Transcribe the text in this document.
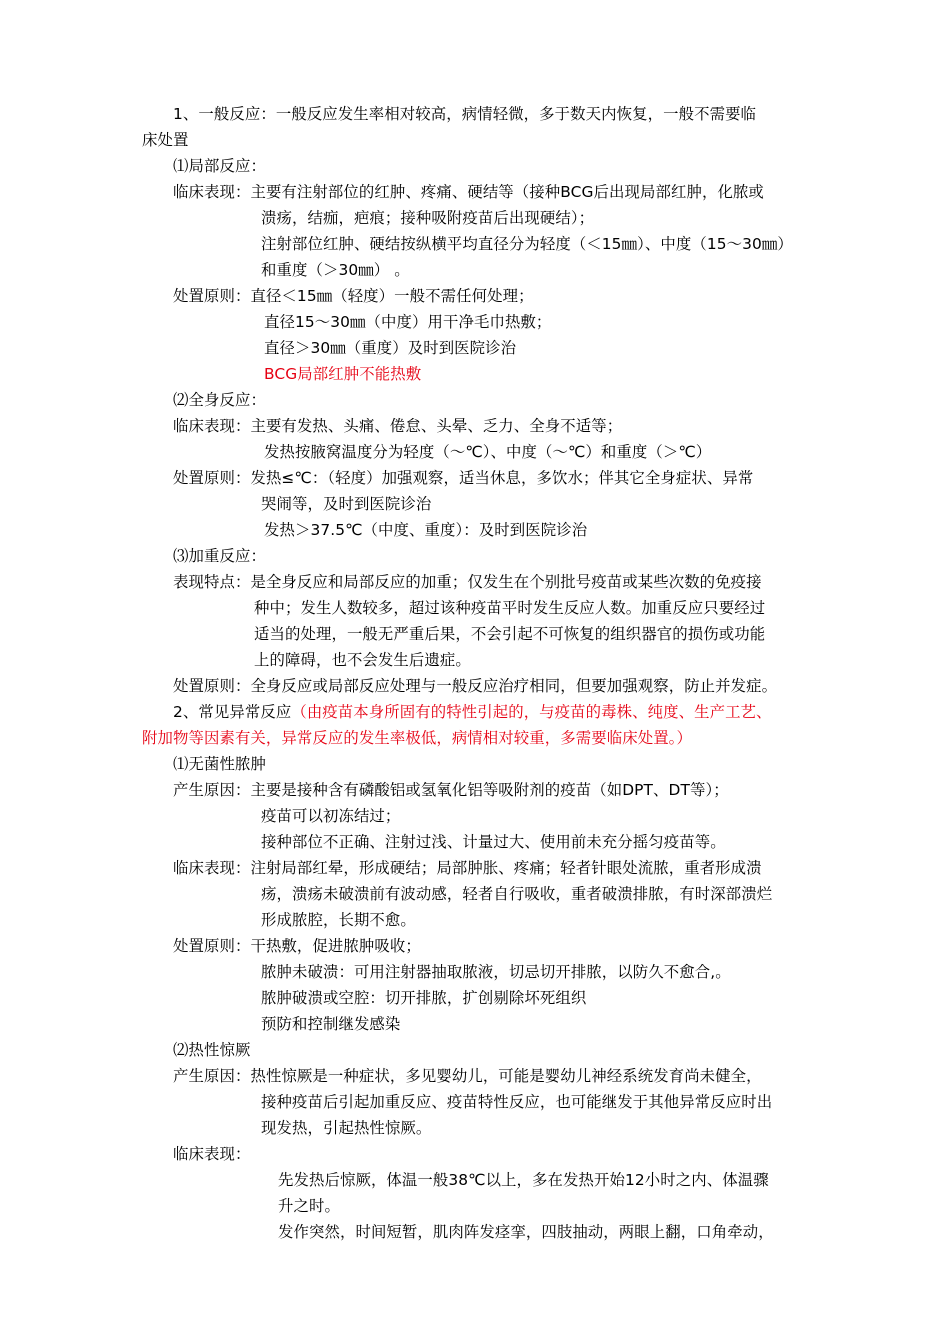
1、一般反应：一般反应发生率相对较高，病情轻微，多于数天内恢复，一般不需要临
床处置
⑴局部反应：
临床表现：主要有注射部位的红肿、疼痛、硬结等（接种BCG后出现局部红肿，化脓或
溃疡，结痂，疤痕；接种吸附疫苗后出现硬结）；
注射部位红肿、硬结按纵横平均直径分为轻度（＜15㎜）、中度（15～30㎜）
和重度（＞30㎜） 。
处置原则：直径＜15㎜（轻度）一般不需任何处理；
直径15～30㎜（中度）用干净毛巾热敷；
直径＞30㎜（重度）及时到医院诊治
BCG局部红肿不能热敷
⑵全身反应：
临床表现：主要有发热、头痛、倦怠、头晕、乏力、全身不适等；
发热按腋窝温度分为轻度（～℃）、中度（～℃）和重度（＞℃）
处置原则：发热≤℃：（轻度）加强观察，适当休息，多饮水；伴其它全身症状、异常
哭闹等，及时到医院诊治
发热＞37.5℃（中度、重度）：及时到医院诊治
⑶加重反应：
表现特点：是全身反应和局部反应的加重；仅发生在个别批号疫苗或某些次数的免疫接
种中；发生人数较多，超过该种疫苗平时发生反应人数。加重反应只要经过
适当的处理，一般无严重后果，不会引起不可恢复的组织器官的损伤或功能
上的障碍，也不会发生后遗症。
处置原则：全身反应或局部反应处理与一般反应治疗相同，但要加强观察，防止并发症。
2、常见异常反应（由疫苗本身所固有的特性引起的，与疫苗的毒株、纯度、生产工艺、
附加物等因素有关，异常反应的发生率极低，病情相对较重，多需要临床处置。）
⑴无菌性脓肿
产生原因：主要是接种含有磷酸铝或氢氧化铝等吸附剂的疫苗（如DPT、DT等）；
疫苗可以初冻结过；
接种部位不正确、注射过浅、计量过大、使用前未充分摇匀疫苗等。
临床表现：注射局部红晕，形成硬结；局部肿胀、疼痛；轻者针眼处流脓，重者形成溃
疡，溃疡未破溃前有波动感，轻者自行吸收，重者破溃排脓，有时深部溃烂
形成脓腔，长期不愈。
处置原则：干热敷，促进脓肿吸收；
脓肿未破溃：可用注射器抽取脓液，切忌切开排脓，以防久不愈合,。
脓肿破溃或空腔：切开排脓，扩创剔除坏死组织
预防和控制继发感染
⑵热性惊厥
产生原因：热性惊厥是一种症状，多见婴幼儿，可能是婴幼儿神经系统发育尚未健全，
接种疫苗后引起加重反应、疫苗特性反应，也可能继发于其他异常反应时出
现发热，引起热性惊厥。
临床表现：
先发热后惊厥，体温一般38℃以上，多在发热开始12小时之内、体温骤
升之时。
发作突然，时间短暂，肌肉阵发痉挛，四肢抽动，两眼上翻，口角牵动，
